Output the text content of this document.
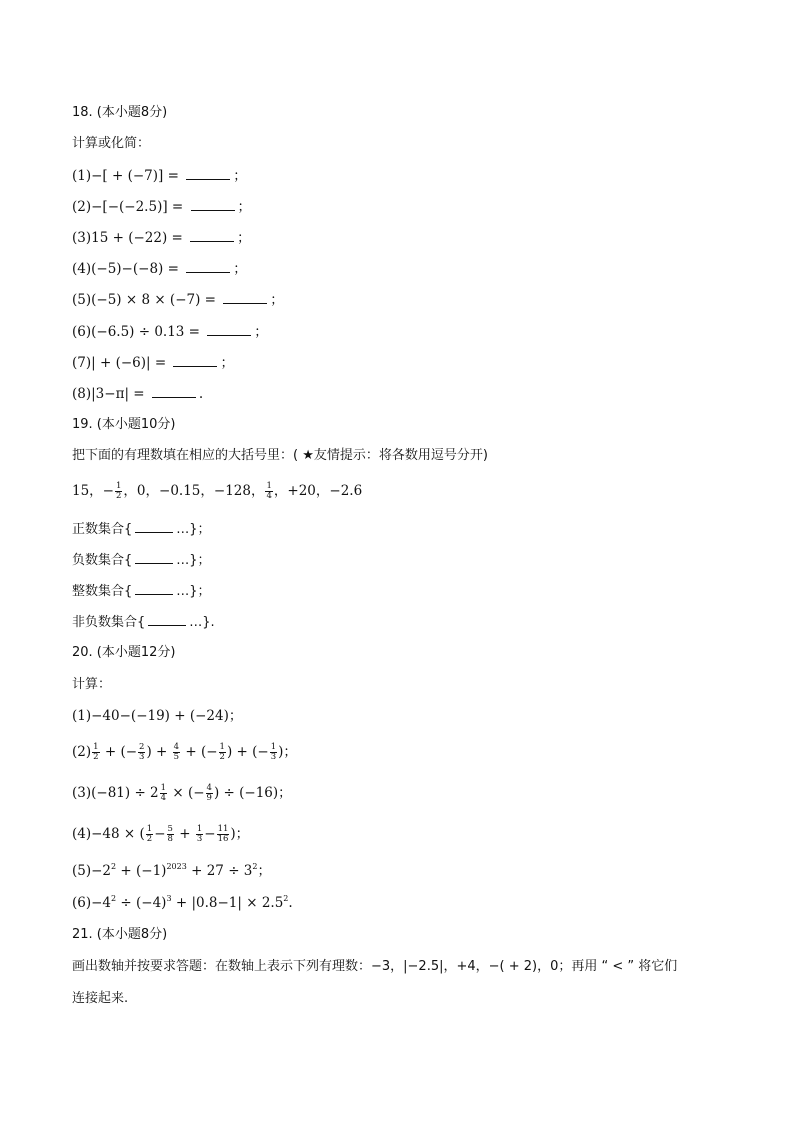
18. (本小题8分)
计算或化简：
(1)−[ + (−7)] =	；
(2)−[−(−2.5)] =	；
(3)15 + (−22) =	；
(4)(−5)−(−8) =	；
(5)(−5) × 8 × (−7) =	；
(6)(−6.5) ÷ 0.13 =	；
(7)| + (−6)| =	；
(8)|3−π| =	.
19. (本小题10分)
把下面的有理数填在相应的大括号里：( ★友情提示：将各数用逗号分开)
15，− $\frac{1}{2}$ ，0，−0.15，−128， $\frac{1}{4}$ ，+20，−2.6
正数集合{	…}；
负数集合{	…}；
整数集合{	…}；
非负数集合{	…}.
20. (本小题12分)
计算：
(1)−40−(−19) + (−24)；
$(2) \frac{1}{2}$ + (− $\frac{2}{3}$ ) + $\frac{4}{5}$ + (− $\frac{1}{2}$ ) + (− $\frac{1}{3}$ )；
$(3)(-81) \div 2 \frac{1}{4}$ × (− $\frac{4}{9}$ ) ÷ (−16)；
(4)−48 × ( $\frac{1}{2} - \frac{5}{8} + \frac{1}{3} - \frac{11}{16}$ )；
$(5)-2^2 + (-1)^{2023} + 27 \div 3^2$；
$(6)-4^2 \div (-4)^3 + |0.8-1| \times 2.5^2$.
21. (本小题8分)
画出数轴并按要求答题：在数轴上表示下列有理数：−3，|−2.5|，+4，−( + 2)，0；再用 “ < ” 将它们
连接起来.
